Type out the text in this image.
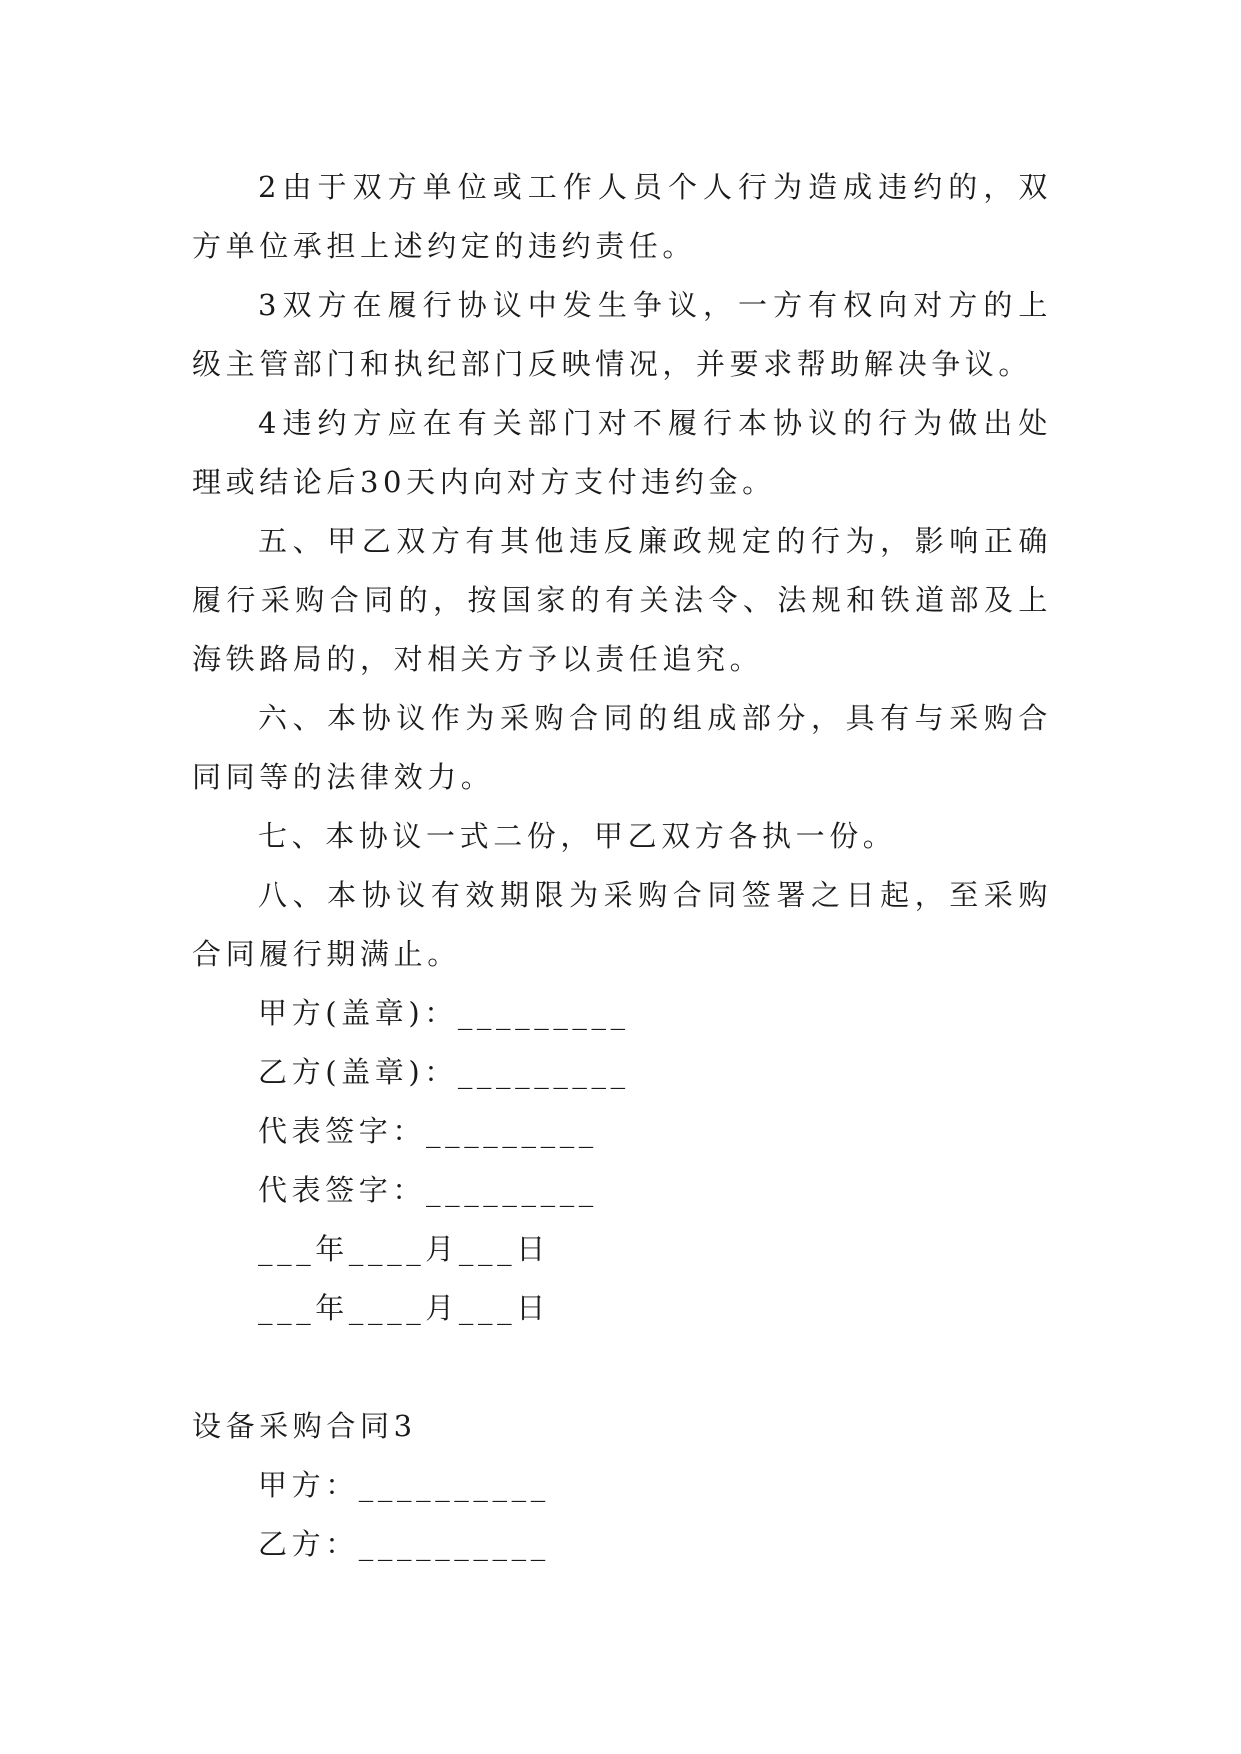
2由于双方单位或工作人员个人行为造成违约的，双方单位承担上述约定的违约责任。

3双方在履行协议中发生争议，一方有权向对方的上级主管部门和执纪部门反映情况，并要求帮助解决争议。

4违约方应在有关部门对不履行本协议的行为做出处理或结论后30天内向对方支付违约金。

五、甲乙双方有其他违反廉政规定的行为，影响正确履行采购合同的，按国家的有关法令、法规和铁道部及上海铁路局的，对相关方予以责任追究。

六、本协议作为采购合同的组成部分，具有与采购合同同等的法律效力。

七、本协议一式二份，甲乙双方各执一份。

八、本协议有效期限为采购合同签署之日起，至采购合同履行期满止。

甲方(盖章)：_________

乙方(盖章)：_________

代表签字：_________

代表签字：_________

___年____月___日

___年____月___日

设备采购合同3

甲方：__________

乙方：__________
